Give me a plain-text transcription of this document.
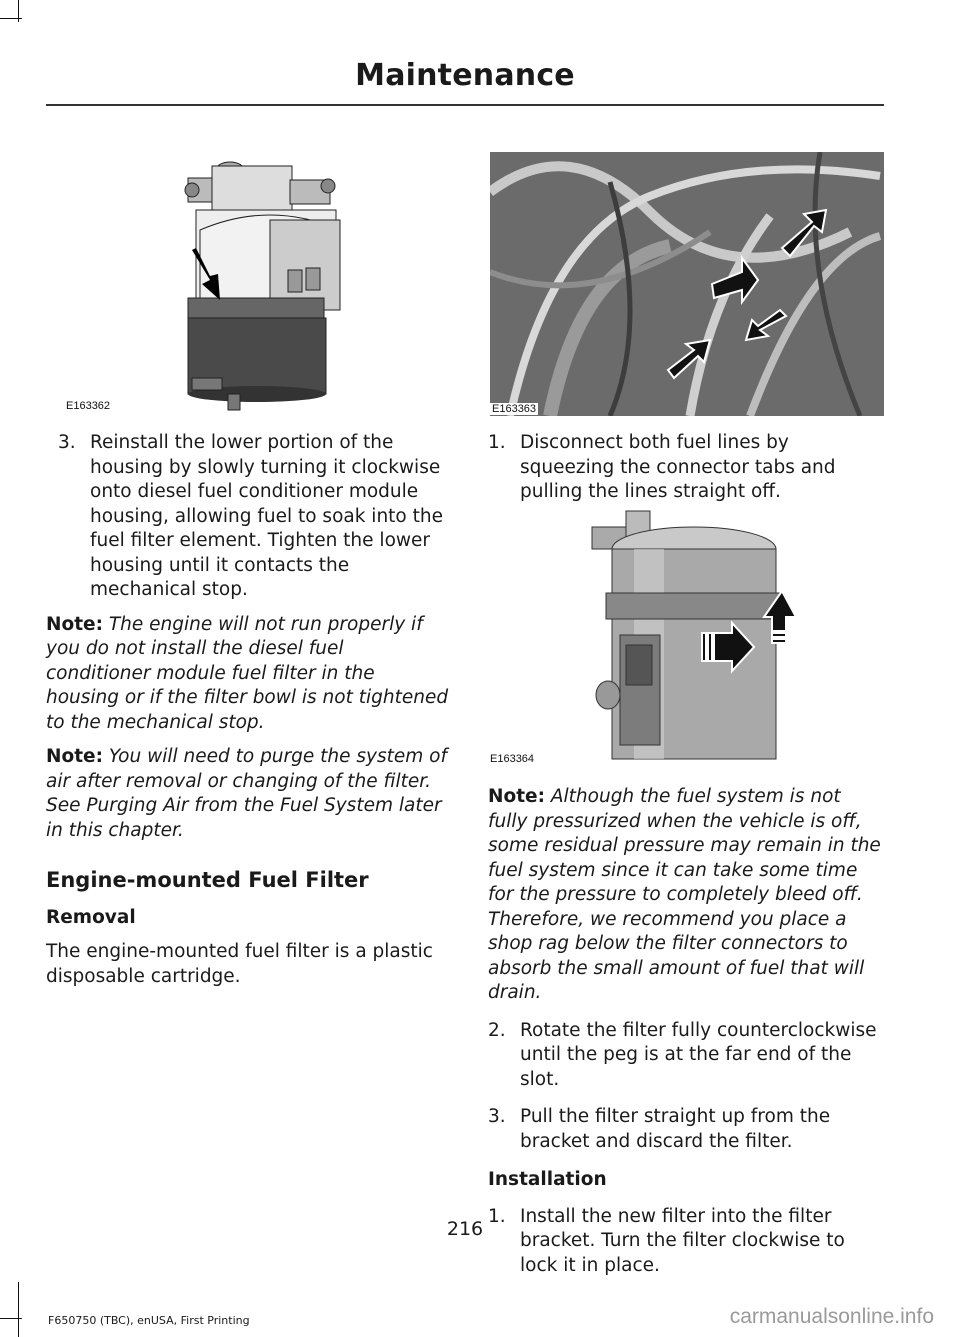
Maintenance
E163362	E163363
E163364

3. Reinstall the lower portion of the housing by slowly turning it clockwise onto diesel fuel conditioner module housing, allowing fuel to soak into the fuel filter element. Tighten the lower housing until it contacts the mechanical stop.

Note: The engine will not run properly if you do not install the diesel fuel conditioner module fuel filter in the housing or if the filter bowl is not tightened to the mechanical stop.

Note: You will need to purge the system of air after removal or changing of the filter. See Purging Air from the Fuel System later in this chapter.

Engine-mounted Fuel Filter
Removal

The engine-mounted fuel filter is a plastic disposable cartridge.

1. Disconnect both fuel lines by squeezing the connector tabs and pulling the lines straight off.

Note: Although the fuel system is not fully pressurized when the vehicle is off, some residual pressure may remain in the fuel system since it can take some time for the pressure to completely bleed off. Therefore, we recommend you place a shop rag below the filter connectors to absorb the small amount of fuel that will drain.

2. Rotate the filter fully counterclockwise until the peg is at the far end of the slot.

3. Pull the filter straight up from the bracket and discard the filter.

Installation

1. Install the new filter into the filter bracket. Turn the filter clockwise to lock it in place.

216
F650750 (TBC), enUSA, First Printing	carmanualsonline.info
